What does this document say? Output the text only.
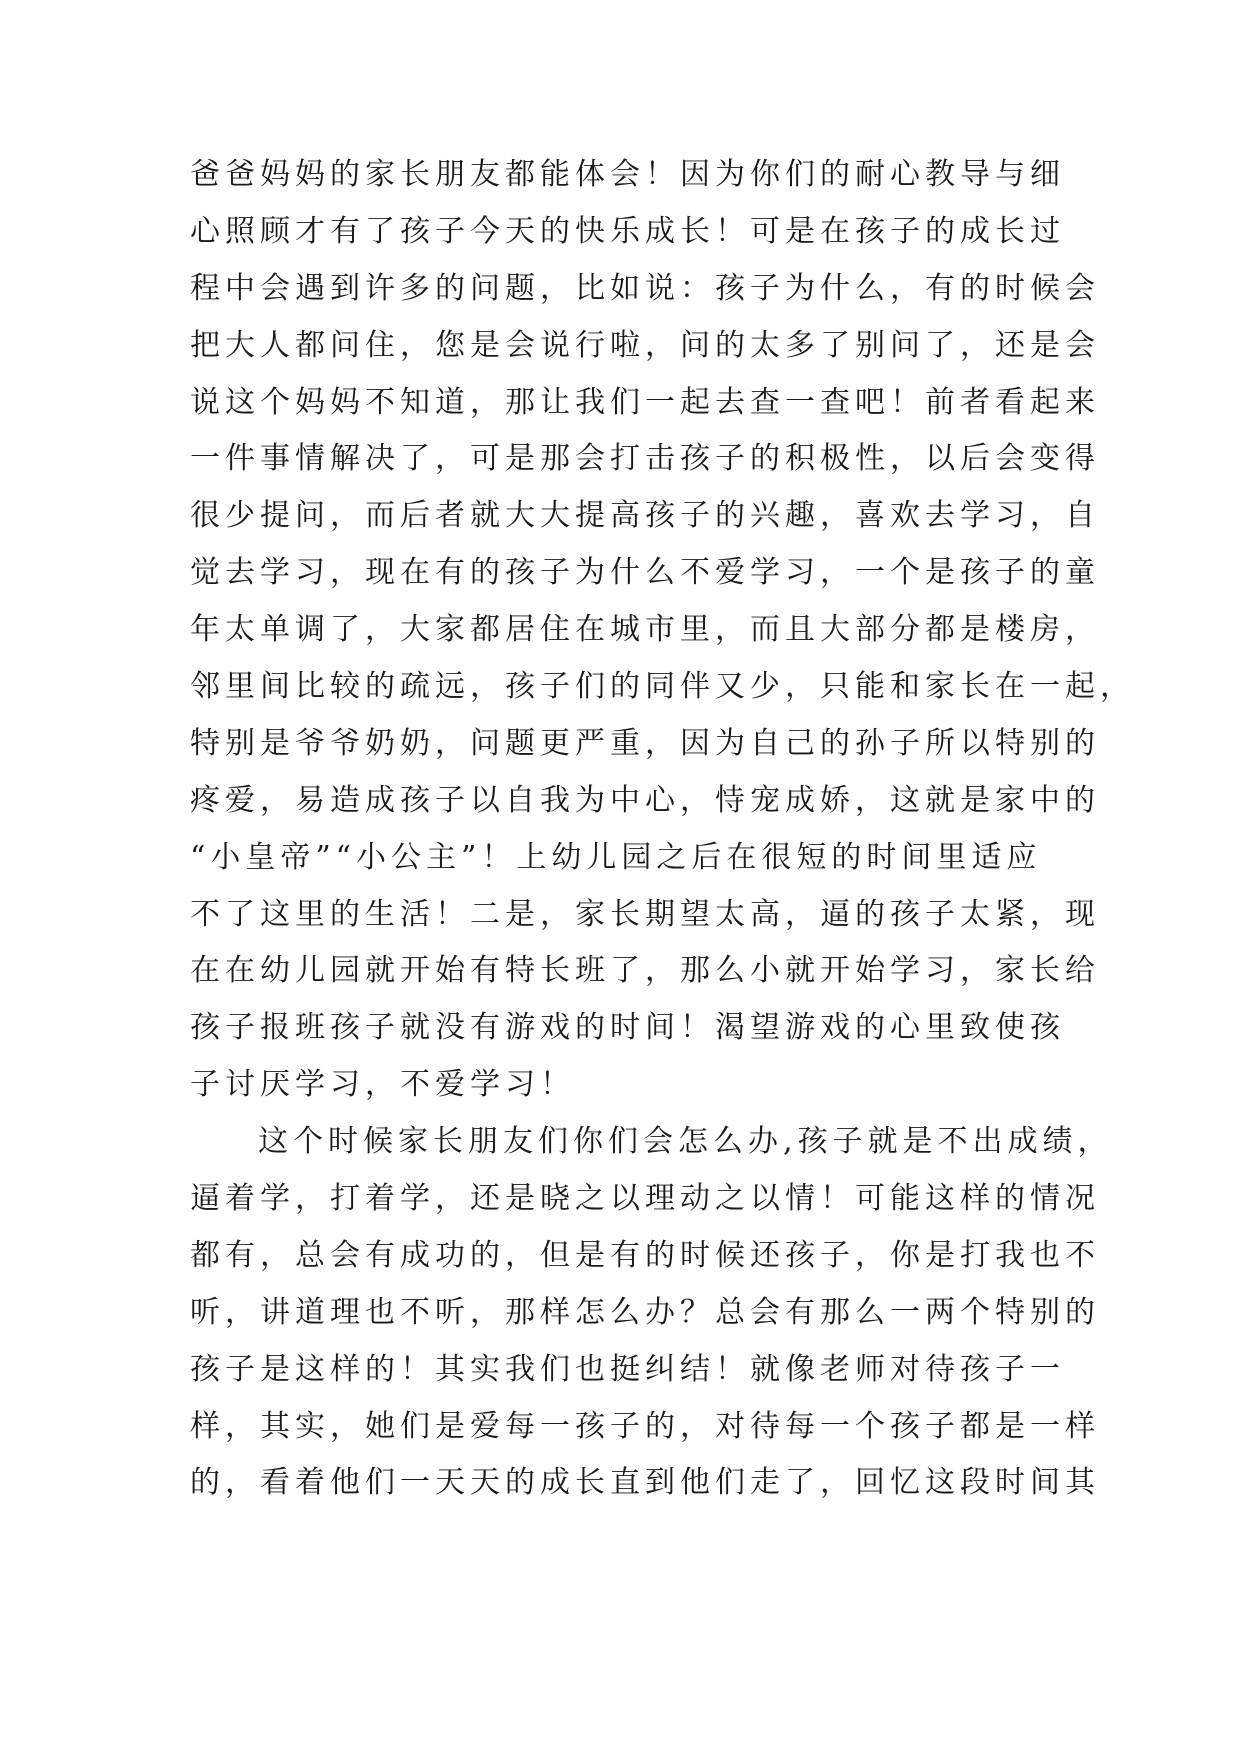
爸爸妈妈的家长朋友都能体会！因为你们的耐心教导与细
心照顾才有了孩子今天的快乐成长！可是在孩子的成长过
程中会遇到许多的问题，比如说：孩子为什么，有的时候会
把大人都问住，您是会说行啦，问的太多了别问了，还是会
说这个妈妈不知道，那让我们一起去查一查吧！前者看起来
一件事情解决了，可是那会打击孩子的积极性，以后会变得
很少提问，而后者就大大提高孩子的兴趣，喜欢去学习，自
觉去学习，现在有的孩子为什么不爱学习，一个是孩子的童
年太单调了，大家都居住在城市里，而且大部分都是楼房，
邻里间比较的疏远，孩子们的同伴又少，只能和家长在一起，
特别是爷爷奶奶，问题更严重，因为自己的孙子所以特别的
疼爱，易造成孩子以自我为中心，恃宠成娇，这就是家中的
“小皇帝”“小公主”！上幼儿园之后在很短的时间里适应
不了这里的生活！二是，家长期望太高，逼的孩子太紧，现
在在幼儿园就开始有特长班了，那么小就开始学习，家长给
孩子报班孩子就没有游戏的时间！渴望游戏的心里致使孩
子讨厌学习，不爱学习！
这个时候家长朋友们你们会怎么办,孩子就是不出成绩，
逼着学，打着学，还是晓之以理动之以情！可能这样的情况
都有，总会有成功的，但是有的时候还孩子，你是打我也不
听，讲道理也不听，那样怎么办？总会有那么一两个特别的
孩子是这样的！其实我们也挺纠结！就像老师对待孩子一
样，其实，她们是爱每一孩子的，对待每一个孩子都是一样
的，看着他们一天天的成长直到他们走了，回忆这段时间其
